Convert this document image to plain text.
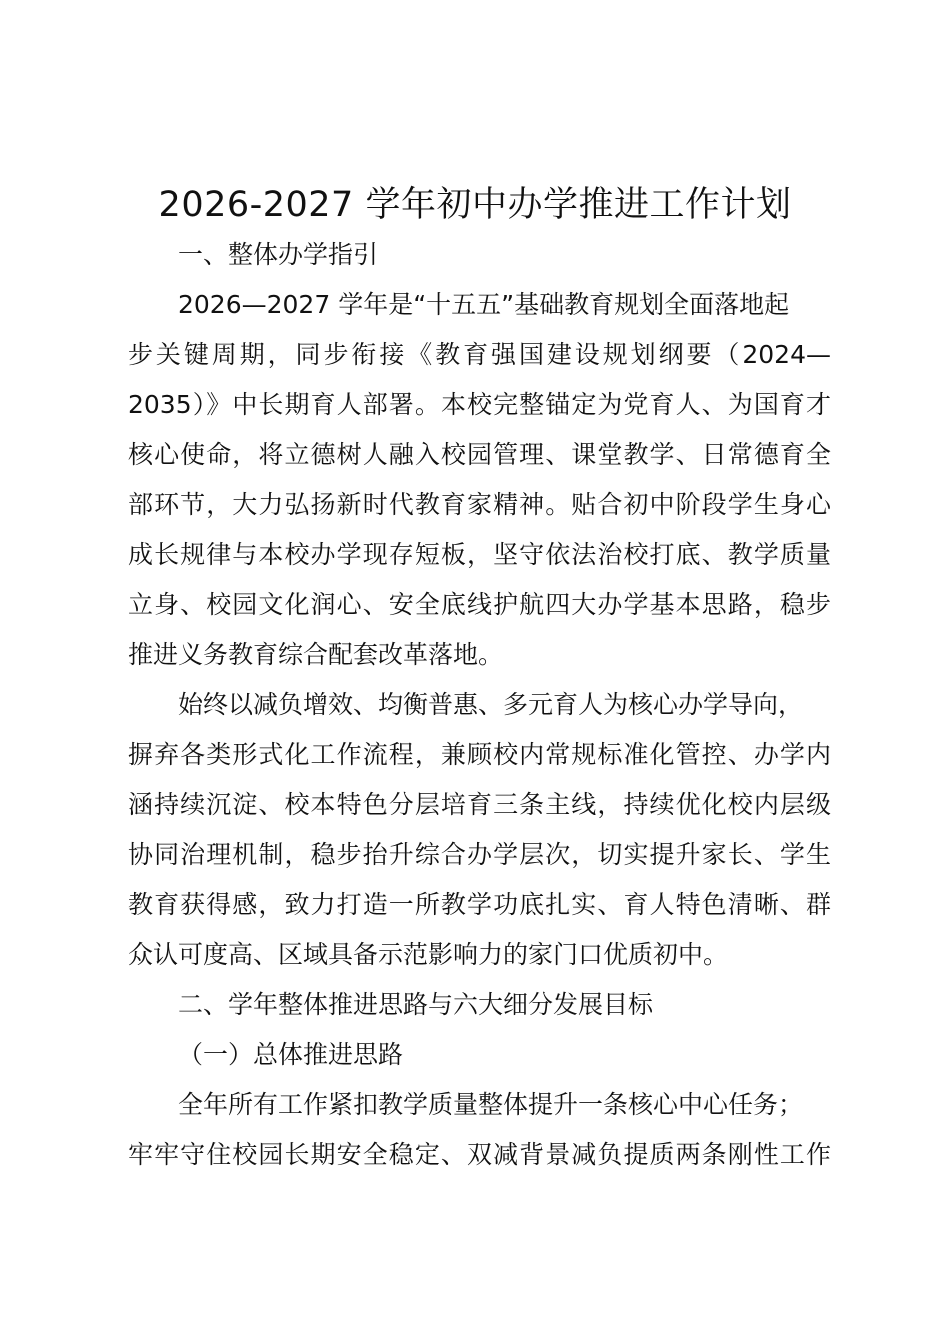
2026-2027 学年初中办学推进工作计划
一、整体办学指引
2026—2027 学年是“十五五”基础教育规划全面落地起
步关键周期，同步衔接《教育强国建设规划纲要（2024—
2035）》中长期育人部署。本校完整锚定为党育人、为国育才
核心使命，将立德树人融入校园管理、课堂教学、日常德育全
部环节，大力弘扬新时代教育家精神。贴合初中阶段学生身心
成长规律与本校办学现存短板，坚守依法治校打底、教学质量
立身、校园文化润心、安全底线护航四大办学基本思路，稳步
推进义务教育综合配套改革落地。
始终以减负增效、均衡普惠、多元育人为核心办学导向，
摒弃各类形式化工作流程，兼顾校内常规标准化管控、办学内
涵持续沉淀、校本特色分层培育三条主线，持续优化校内层级
协同治理机制，稳步抬升综合办学层次，切实提升家长、学生
教育获得感，致力打造一所教学功底扎实、育人特色清晰、群
众认可度高、区域具备示范影响力的家门口优质初中。
二、学年整体推进思路与六大细分发展目标
（一）总体推进思路
全年所有工作紧扣教学质量整体提升一条核心中心任务；
牢牢守住校园长期安全稳定、双减背景减负提质两条刚性工作
